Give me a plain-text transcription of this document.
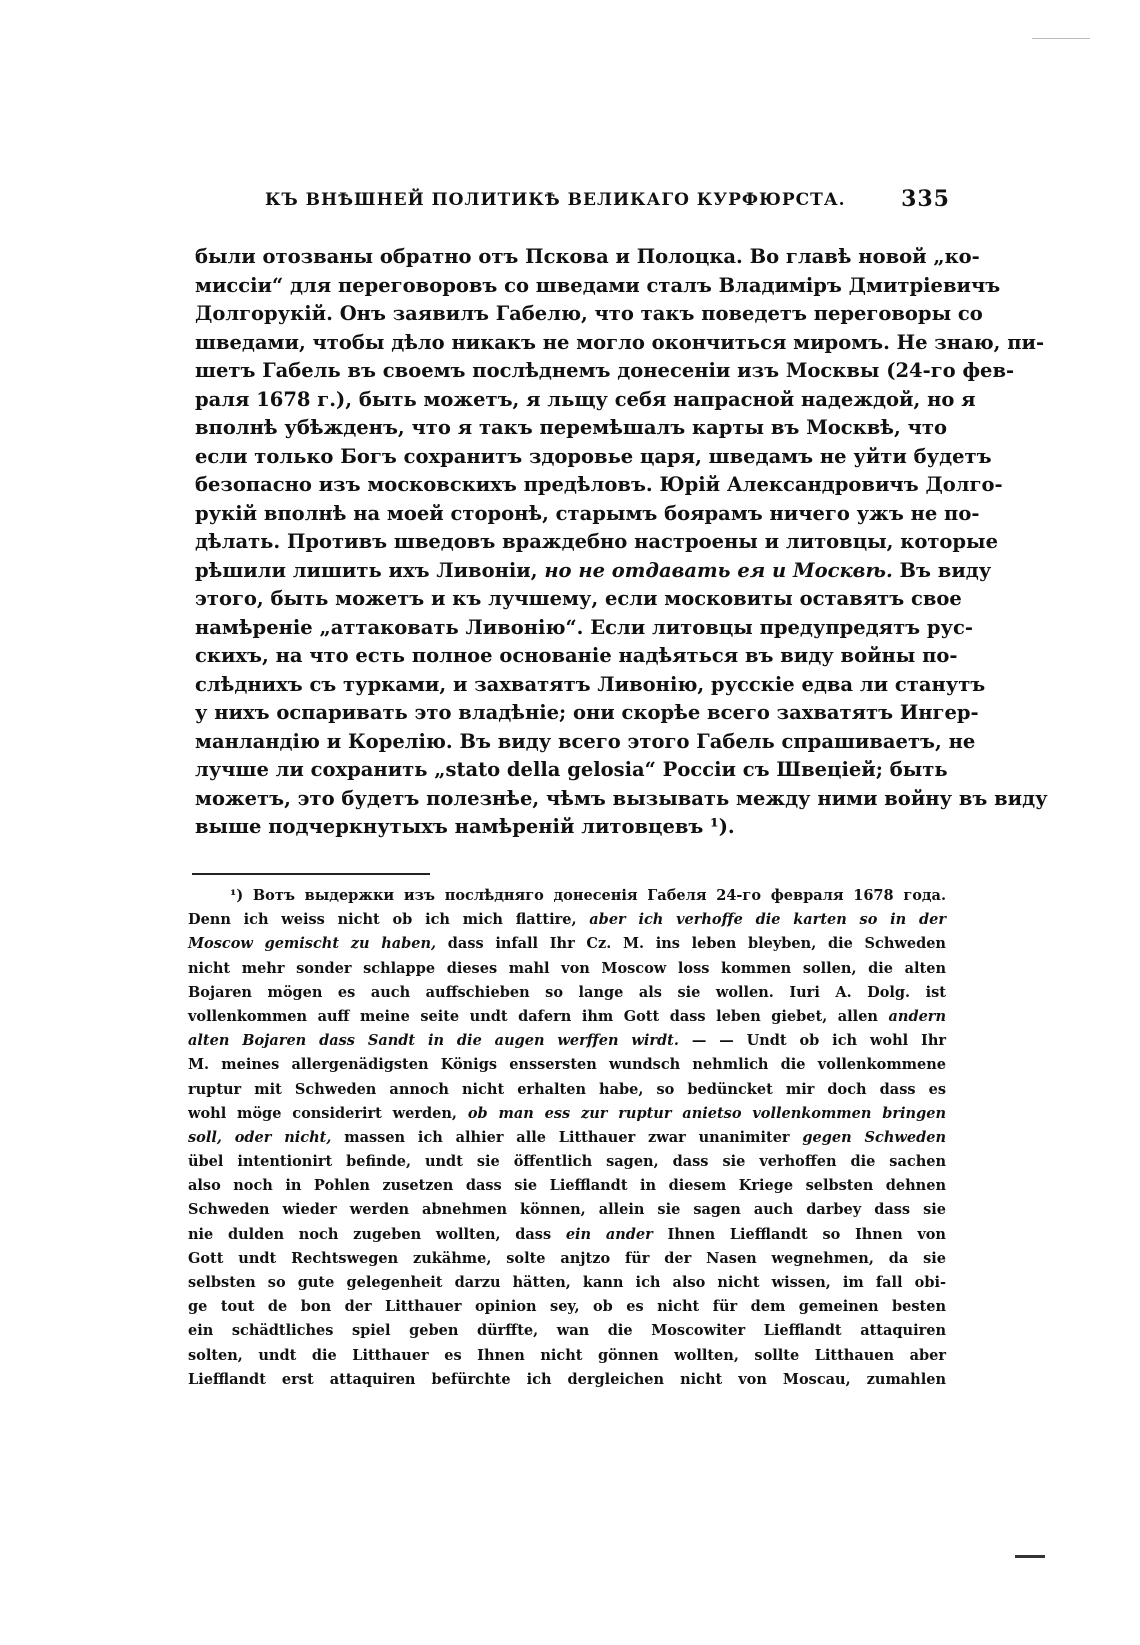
КЪ ВНѢШНЕЙ ПОЛИТИКѢ ВЕЛИКАГО КУРФЮРСТА.	335
были отозваны обратно отъ Пскова и Полоцка. Во главѣ новой „ко-
миссіи“ для переговоровъ со шведами сталъ Владиміръ Дмитріевичъ
Долгорукій. Онъ заявилъ Габелю, что такъ поведетъ переговоры со
шведами, чтобы дѣло никакъ не могло окончиться миромъ. Не знаю, пи-
шетъ Габель въ своемъ послѣднемъ донесеніи изъ Москвы (24-го фев-
раля 1678 г.), быть можетъ, я льщу себя напрасной надеждой, но я
вполнѣ убѣжденъ, что я такъ перемѣшалъ карты въ Москвѣ, что
если только Богъ сохранитъ здоровье царя, шведамъ не уйти будетъ
безопасно изъ московскихъ предѣловъ. Юрій Александровичъ Долго-
рукій вполнѣ на моей сторонѣ, старымъ боярамъ ничего ужъ не по-
дѣлать. Противъ шведовъ враждебно настроены и литовцы, которые
рѣшили лишить ихъ Ливоніи, но не отдавать ея и Москвѣ. Въ виду
этого, быть можетъ и къ лучшему, если московиты оставятъ свое
намѣреніе „аттаковать Ливонію“. Если литовцы предупредятъ рус-
скихъ, на что есть полное основаніе надѣяться въ виду войны по-
слѣднихъ съ турками, и захватятъ Ливонію, русскіе едва ли станутъ
у нихъ оспаривать это владѣніе; они скорѣе всего захватятъ Ингер-
манландію и Корелію. Въ виду всего этого Габель спрашиваетъ, не
лучше ли сохранить „stato della gelosia“ Россіи съ Швеціей; быть
можетъ, это будетъ полезнѣе, чѣмъ вызывать между ними войну въ виду
выше подчеркнутыхъ намѣреній литовцевъ ¹).
¹) Вотъ выдержки изъ послѣдняго донесенія Габеля 24-го февраля 1678 года.
Denn ich weiss nicht ob ich mich flattire, aber ich verhoffe die karten so in der
Moscow gemischt zu haben, dass infall Ihr Cz. M. ins leben bleyben, die Schweden
nicht mehr sonder schlappe dieses mahl von Moscow loss kommen sollen, die alten
Bojaren mögen es auch auffschieben so lange als sie wollen. Iuri A. Dolg. ist
vollenkommen auff meine seite undt dafern ihm Gott dass leben giebet, allen andern
alten Bojaren dass Sandt in die augen werffen wirdt. — — Undt ob ich wohl Ihr
M. meines allergenädigsten Königs ensserstеn wundsch nehmlich die vollenkommene
ruptur mit Schweden annoch nicht erhalten habe, so bedüncket mir doch dass es
wohl möge considerirt werden, ob man ess zur ruptur anietso vollenkommen bringen
soll, oder nicht, massen ich alhier alle Litthauer zwar unanimiter gegen Schweden
übel intentionirt befinde, undt sie öffentlich sagen, dass sie verhoffen die sachen
also noch in Pohlen zusetzen dass sie Liefflandt in diesem Kriege selbsten dehnen
Schweden wieder werden abnehmen können, allein sie sagen auch darbey dass sie
nie dulden noch zugeben wollten, dass ein ander Ihnen Liefflandt so Ihnen von
Gott undt Rechtswegen zukähme, solte anjtzo für der Nasen wegnehmen, da sie
selbsten so gute gelegenheit darzu hätten, kann ich also nicht wissen, im fall obi-
ge tout de bon der Litthauer opinion sey, ob es nicht für dem gemeinen besten
ein schädtliches spiel geben dürffte, wan die Moscowiter Liefflandt attaquiren
solten, undt die Litthauer es Ihnen nicht gönnen wollten, sollte Litthauen aber
Liefflandt erst attaquiren befürchte ich dergleichen nicht von Moscau, zumahlen
